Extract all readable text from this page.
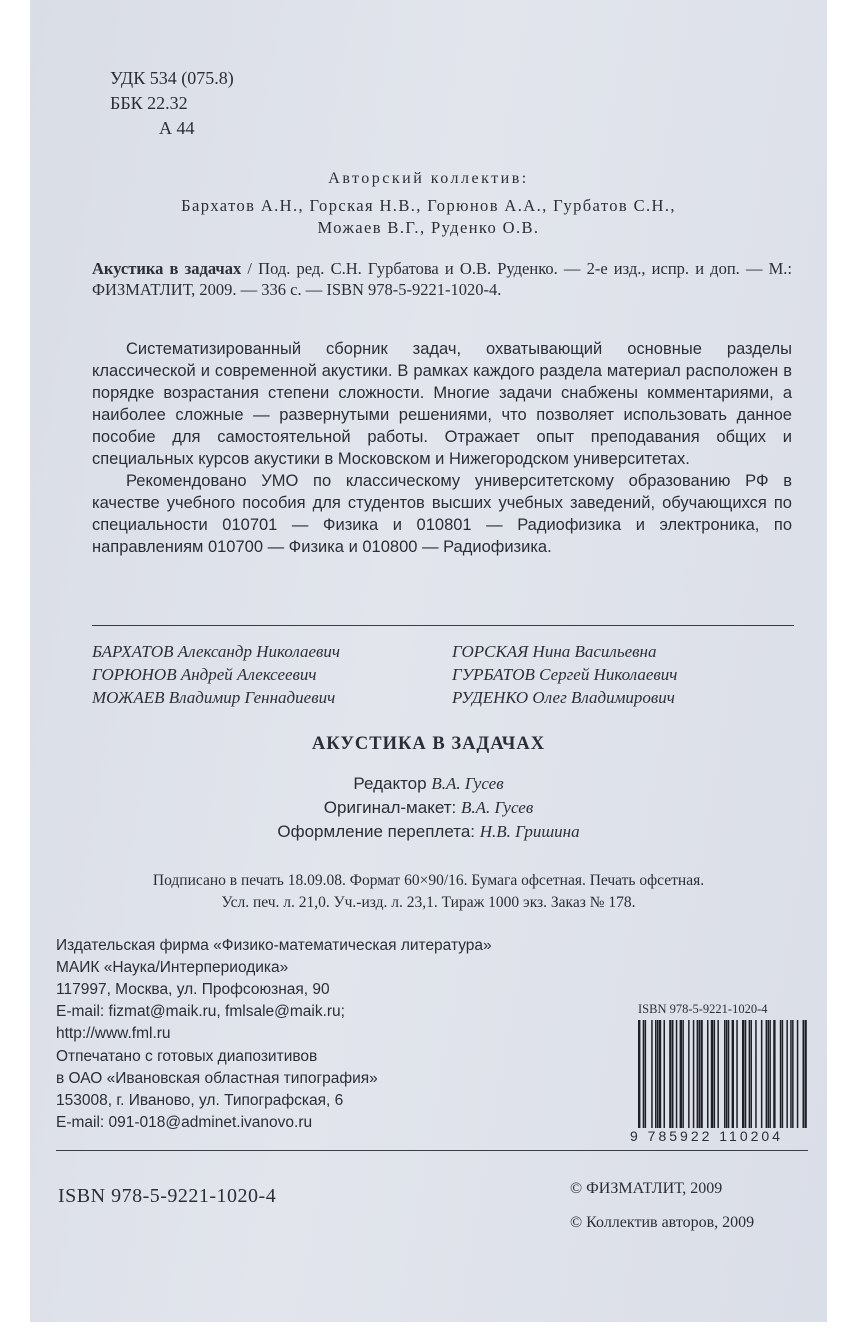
УДК 534 (075.8)
ББК 22.32
А 44
Авторский коллектив:
Бархатов А.Н., Горская Н.В., Горюнов А.А., Гурбатов С.Н.,
Можаев В.Г., Руденко О.В.
Акустика в задачах / Под. ред. С.Н. Гурбатова и О.В. Руденко. — 2-е изд., испр. и доп. — М.: ФИЗМАТЛИТ, 2009. — 336 с. — ISBN 978-5-9221-1020-4.

Систематизированный сборник задач, охватывающий основные разделы классической и современной акустики. В рамках каждого раздела материал расположен в порядке возрастания степени сложности. Многие задачи снабжены комментариями, а наиболее сложные — развернутыми решениями, что позволяет использовать данное пособие для самостоятельной работы. Отражает опыт преподавания общих и специальных курсов акустики в Московском и Нижегородском университетах.

Рекомендовано УМО по классическому университетскому образованию РФ в качестве учебного пособия для студентов высших учебных заведений, обучающихся по специальности 010701 — Физика и 010801 — Радиофизика и электроника, по направлениям 010700 — Физика и 010800 — Радиофизика.

БАРХАТОВ Александр Николаевич	ГОРСКАЯ Нина Васильевна
ГОРЮНОВ Андрей Алексеевич	ГУРБАТОВ Сергей Николаевич
МОЖАЕВ Владимир Геннадиевич	РУДЕНКО Олег Владимирович
АКУСТИКА В ЗАДАЧАХ
Редактор В.А. Гусев
Оригинал-макет: В.А. Гусев
Оформление переплета: Н.В. Гришина
Подписано в печать 18.09.08. Формат 60×90/16. Бумага офсетная. Печать офсетная.
Усл. печ. л. 21,0. Уч.-изд. л. 23,1. Тираж 1000 экз. Заказ № 178.
Издательская фирма «Физико-математическая литература»
МАИК «Наука/Интерпериодика»
117997, Москва, ул. Профсоюзная, 90
E-mail: fizmat@maik.ru, fmlsale@maik.ru;
http://www.fml.ru
Отпечатано с готовых диапозитивов
в ОАО «Ивановская областная типография»
153008, г. Иваново, ул. Типографская, 6
E-mail: 091-018@adminet.ivanovo.ru
ISBN 978-5-9221-1020-4
9 785922 110204
ISBN 978-5-9221-1020-4	© ФИЗМАТЛИТ, 2009
© Коллектив авторов, 2009
